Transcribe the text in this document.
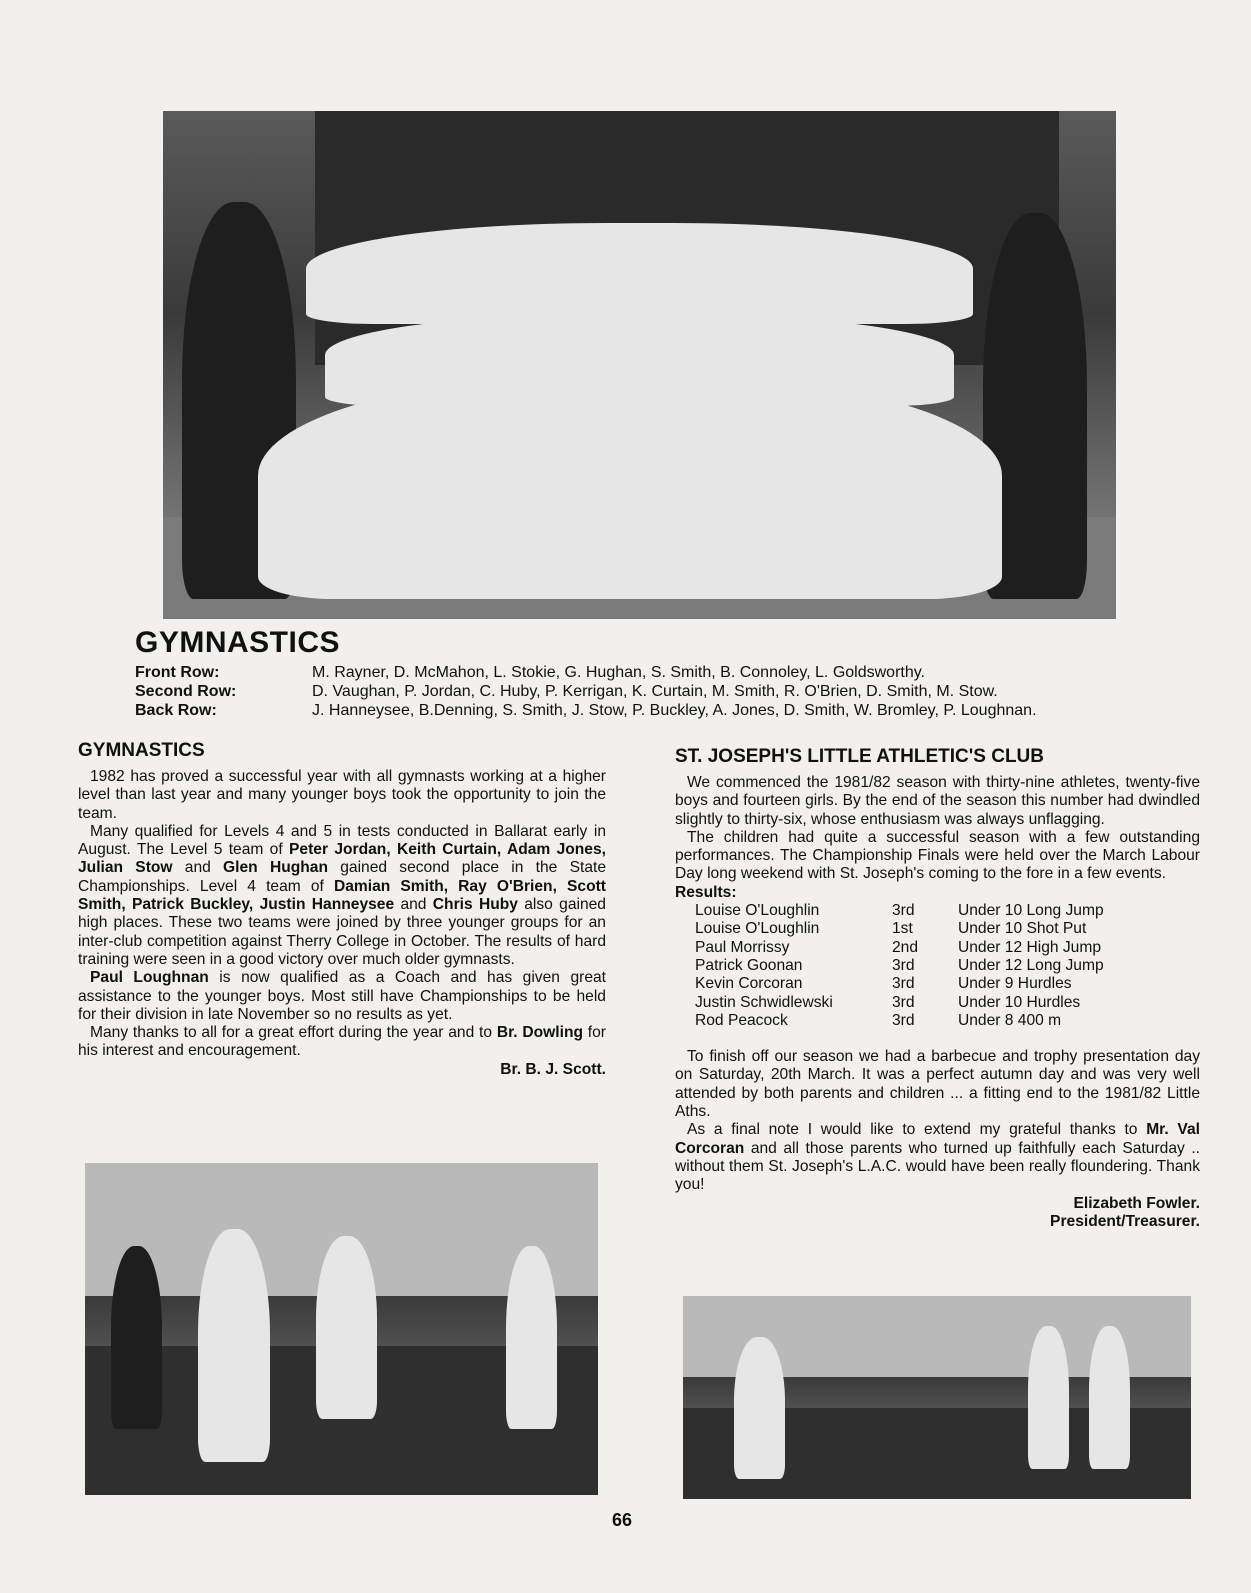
GYMNASTICS
Front Row:	M. Rayner, D. McMahon, L. Stokie, G. Hughan, S. Smith, B. Connoley, L. Goldsworthy.
Second Row:	D. Vaughan, P. Jordan, C. Huby, P. Kerrigan, K. Curtain, M. Smith, R. O'Brien, D. Smith, M. Stow.
Back Row:	J. Hanneysee, B.Denning, S. Smith, J. Stow, P. Buckley, A. Jones, D. Smith, W. Bromley, P. Loughnan.
GYMNASTICS

1982 has proved a successful year with all gymnasts working at a higher level than last year and many younger boys took the opportunity to join the team.

Many qualified for Levels 4 and 5 in tests conducted in Ballarat early in August. The Level 5 team of Peter Jordan, Keith Curtain, Adam Jones, Julian Stow and Glen Hughan gained second place in the State Championships. Level 4 team of Damian Smith, Ray O'Brien, Scott Smith, Patrick Buckley, Justin Hanneysee and Chris Huby also gained high places. These two teams were joined by three younger groups for an inter-club competition against Therry College in October. The results of hard training were seen in a good victory over much older gymnasts.

Paul Loughnan is now qualified as a Coach and has given great assistance to the younger boys. Most still have Championships to be held for their division in late November so no results as yet.

Many thanks to all for a great effort during the year and to Br. Dowling for his interest and encouragement.

Br. B. J. Scott.
ST. JOSEPH'S LITTLE ATHLETIC'S CLUB

We commenced the 1981/82 season with thirty-nine athletes, twenty-five boys and fourteen girls. By the end of the season this number had dwindled slightly to thirty-six, whose enthusiasm was always unflagging.

The children had quite a successful season with a few outstanding performances. The Championship Finals were held over the March Labour Day long weekend with St. Joseph's coming to the fore in a few events.

Results:
Louise O'Loughlin	3rd	Under 10 Long Jump
Louise O'Loughlin	1st	Under 10 Shot Put
Paul Morrissy	2nd	Under 12 High Jump
Patrick Goonan	3rd	Under 12 Long Jump
Kevin Corcoran	3rd	Under 9 Hurdles
Justin Schwidlewski	3rd	Under 10 Hurdles
Rod Peacock	3rd	Under 8 400 m

To finish off our season we had a barbecue and trophy presentation day on Saturday, 20th March. It was a perfect autumn day and was very well attended by both parents and children ... a fitting end to the 1981/82 Little Aths.

As a final note I would like to extend my grateful thanks to Mr. Val Corcoran and all those parents who turned up faithfully each Saturday .. without them St. Joseph's L.A.C. would have been really floundering. Thank you!

Elizabeth Fowler.
President/Treasurer.
66
